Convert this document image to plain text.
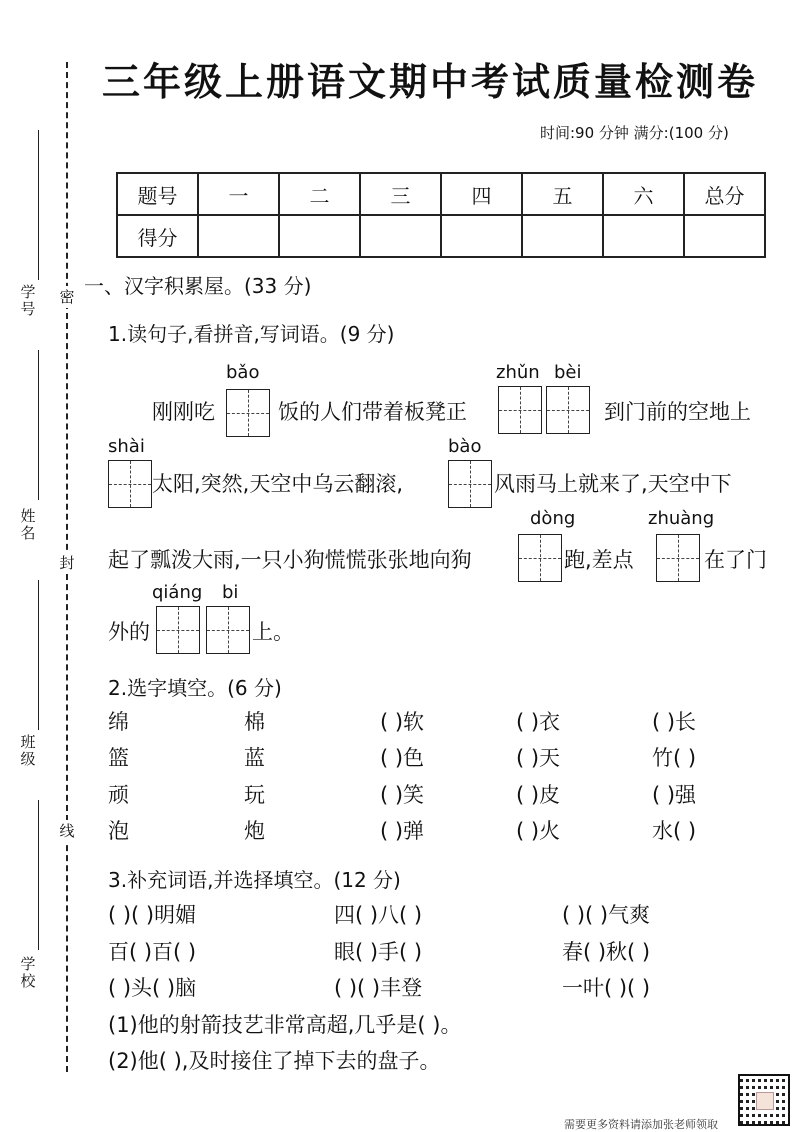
学号
姓名
班级
学校
密
封
线
三年级上册语文期中考试质量检测卷
时间:90 分钟 满分:(100 分)
题号	一	二	三	四	五	六	总分
得分							
一、汉字积累屋。(33 分)
1.读句子,看拼音,写词语。(9 分)
bǎo	zhǔn bèi
刚刚吃	饭的人们带着板凳正	到门前的空地上
shài	bào
太阳,突然,天空中乌云翻滚,	风雨马上就来了,天空中下
dòng	zhuàng
起了瓢泼大雨,一只小狗慌慌张张地向狗	跑,差点	在了门
qiáng bi
外的	上。
2.选字填空。(6 分)
绵	棉	( )软	( )衣	( )长
篮	蓝	( )色	( )天	竹( )
顽	玩	( )笑	( )皮	( )强
泡	炮	( )弹	( )火	水( )
3.补充词语,并选择填空。(12 分)
( )( )明媚	四( )八( )	( )( )气爽
百( )百( )	眼( )手( )	春( )秋( )
( )头( )脑	( )( )丰登	一叶( )( )
(1)他的射箭技艺非常高超,几乎是( )。
(2)他( ),及时接住了掉下去的盘子。
需要更多资料请添加张老师领取
